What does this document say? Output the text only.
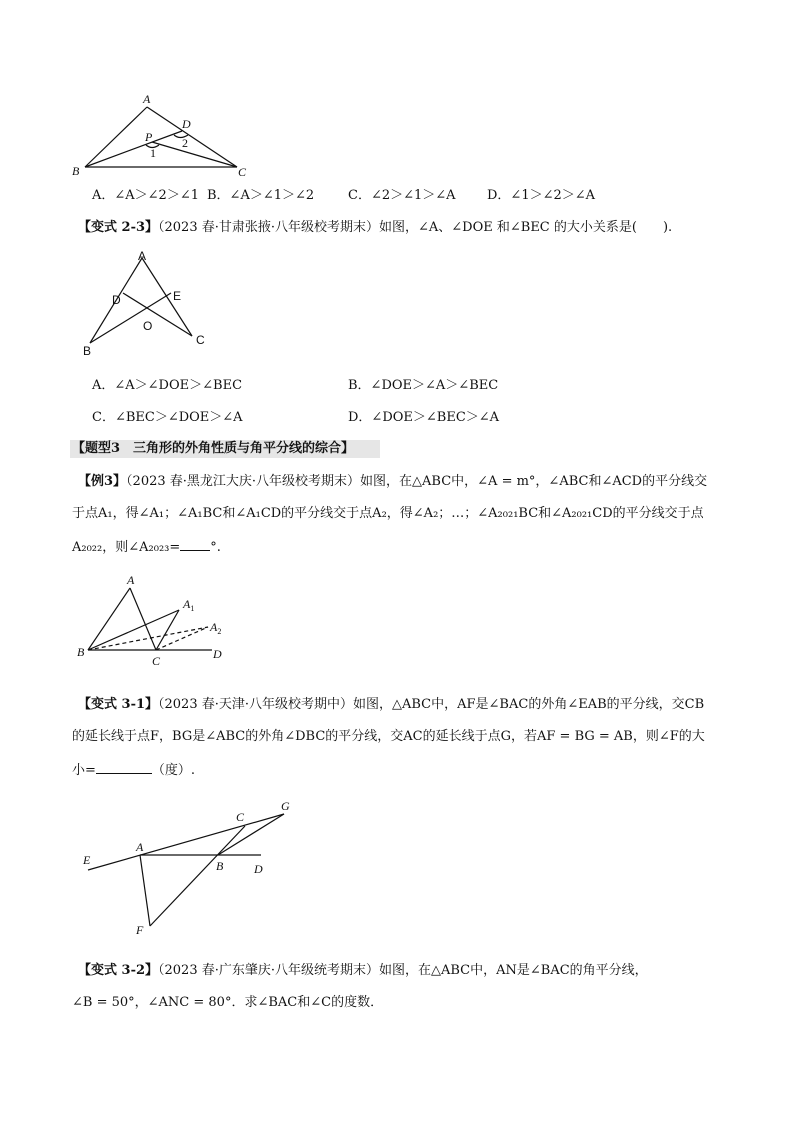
A
D
P
1
2
B	C
A．∠A＞∠2＞∠1 B．∠A＞∠1＞∠2	C．∠2＞∠1＞∠A D．∠1＞∠2＞∠A
【变式 2-3】（2023 春·甘肃张掖·八年级校考期末）如图，∠A、∠DOE 和∠BEC 的大小关系是(　　).
A
D	E
O
B
C
A．∠A＞∠DOE＞∠BEC	B．∠DOE＞∠A＞∠BEC
C．∠BEC＞∠DOE＞∠A	D．∠DOE＞∠BEC＞∠A
【题型3　三角形的外角性质与角平分线的综合】
【例3】（2023 春·黑龙江大庆·八年级校考期末）如图，在△ABC中，∠A = m°，∠ABC和∠ACD的平分线交
于点A₁，得∠A₁；∠A₁BC和∠A₁CD的平分线交于点A₂，得∠A₂；…；∠A₂₀₂₁BC和∠A₂₀₂₁CD的平分线交于点
A₂₀₂₂，则∠A₂₀₂₃= °.
A
$A_1$
$A_2$
B
C	D
【变式 3-1】（2023 春·天津·八年级校考期中）如图，△ABC中，AF是∠BAC的外角∠EAB的平分线，交CB
的延长线于点F，BG是∠ABC的外角∠DBC的平分线，交AC的延长线于点G，若AF = BG = AB，则∠F的大
小=	（度）.
E
A
B
C
D
F
G
【变式 3-2】（2023 春·广东肇庆·八年级统考期末）如图，在△ABC中，AN是∠BAC的角平分线，
∠B = 50°，∠ANC = 80°．求∠BAC和∠C的度数．
